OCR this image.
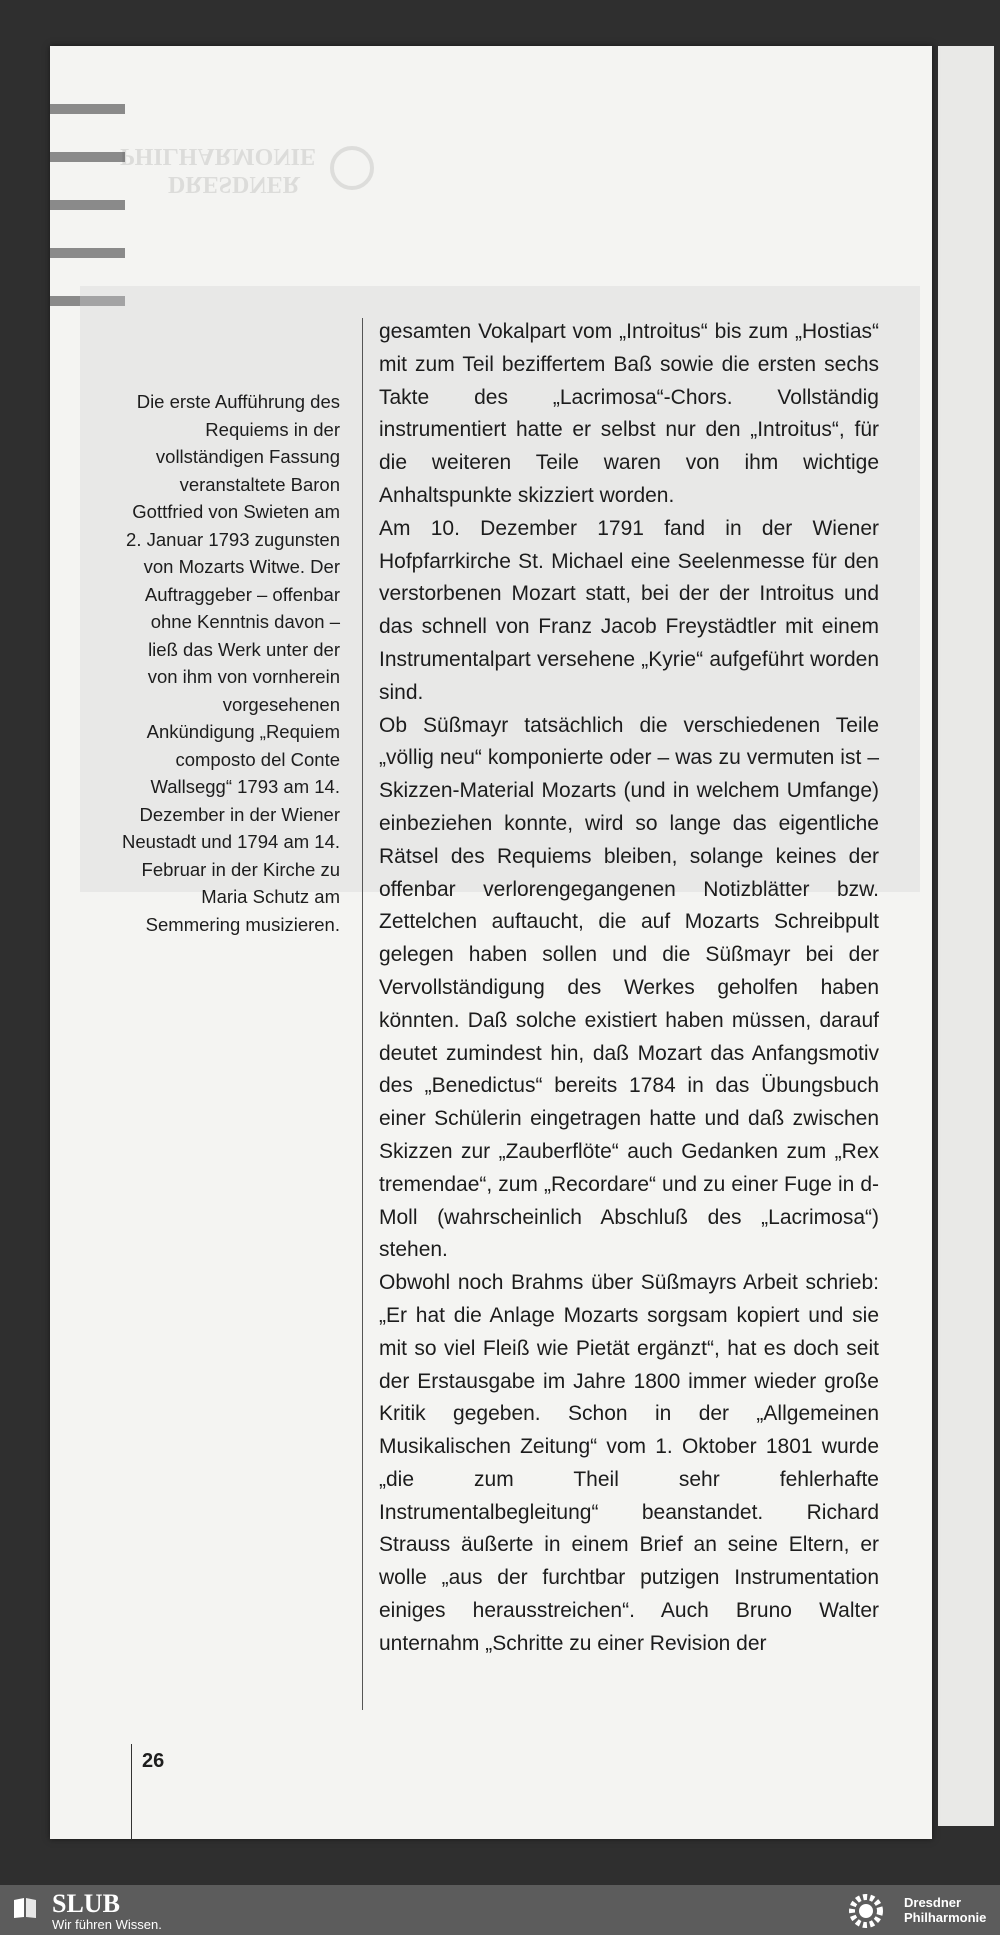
DRESDNER
PHILHARMONIE

Die erste Aufführung des Requiems in der vollständigen Fassung veranstaltete Baron Gottfried von Swieten am 2. Januar 1793 zugunsten von Mozarts Witwe. Der Auftraggeber – offenbar ohne Kenntnis davon – ließ das Werk unter der von ihm von vornherein vorgesehenen Ankündigung „Requiem composto del Conte Wallsegg“ 1793 am 14. Dezember in der Wiener Neustadt und 1794 am 14. Februar in der Kirche zu Maria Schutz am Semmering musizieren.

gesamten Vokalpart vom „Introitus“ bis zum „Hostias“ mit zum Teil beziffertem Baß sowie die ersten sechs Takte des „Lacrimosa“-Chors. Vollständig instrumentiert hatte er selbst nur den „Introitus“, für die weiteren Teile waren von ihm wichtige Anhaltspunkte skizziert worden.

Am 10. Dezember 1791 fand in der Wiener Hofpfarrkirche St. Michael eine Seelenmesse für den verstorbenen Mozart statt, bei der der Introitus und das schnell von Franz Jacob Freystädtler mit einem Instrumentalpart versehene „Kyrie“ aufgeführt worden sind.

Ob Süßmayr tatsächlich die verschiedenen Teile „völlig neu“ komponierte oder – was zu vermuten ist – Skizzen-Material Mozarts (und in welchem Umfange) einbeziehen konnte, wird so lange das eigentliche Rätsel des Requiems bleiben, solange keines der offenbar verlorengegangenen Notizblätter bzw. Zettelchen auftaucht, die auf Mozarts Schreibpult gelegen haben sollen und die Süßmayr bei der Vervollständigung des Werkes geholfen haben könnten. Daß solche existiert haben müssen, darauf deutet zumindest hin, daß Mozart das Anfangsmotiv des „Benedictus“ bereits 1784 in das Übungsbuch einer Schülerin eingetragen hatte und daß zwischen Skizzen zur „Zauberflöte“ auch Gedanken zum „Rex tremendae“, zum „Recordare“ und zu einer Fuge in d-Moll (wahrscheinlich Abschluß des „Lacrimosa“) stehen.

Obwohl noch Brahms über Süßmayrs Arbeit schrieb: „Er hat die Anlage Mozarts sorgsam kopiert und sie mit so viel Fleiß wie Pietät ergänzt“, hat es doch seit der Erstausgabe im Jahre 1800 immer wieder große Kritik gegeben. Schon in der „Allgemeinen Musikalischen Zeitung“ vom 1. Oktober 1801 wurde „die zum Theil sehr fehlerhafte Instrumentalbegleitung“ beanstandet. Richard Strauss äußerte in einem Brief an seine Eltern, er wolle „aus der furchtbar putzigen Instrumentation einiges herausstreichen“. Auch Bruno Walter unternahm „Schritte zu einer Revision der

26
SLUB
Wir führen Wissen.
Dresdner
Philharmonie
